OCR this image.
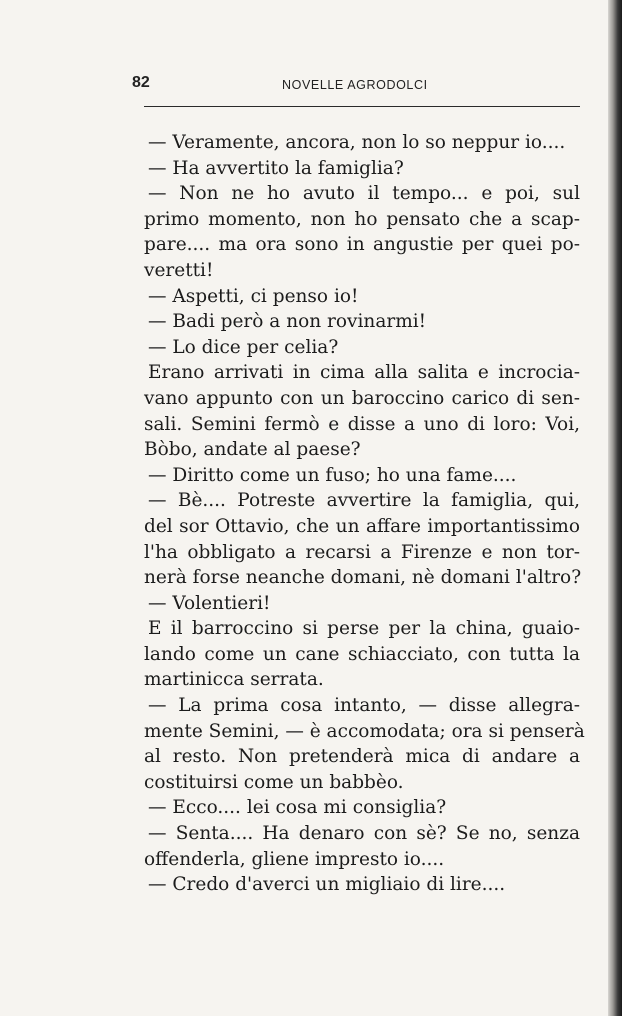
82	NOVELLE AGRODOLCI
— Veramente, ancora, non lo so neppur io....
— Ha avvertito la famiglia?
— Non ne ho avuto il tempo... e poi, sul
primo momento, non ho pensato che a scap-
pare.... ma ora sono in angustie per quei po-
veretti!
— Aspetti, ci penso io!
— Badi però a non rovinarmi!
— Lo dice per celia?
Erano arrivati in cima alla salita e incrocia-
vano appunto con un baroccino carico di sen-
sali. Semini fermò e disse a uno di loro: Voi,
Bòbo, andate al paese?
— Diritto come un fuso; ho una fame....
— Bè.... Potreste avvertire la famiglia, qui,
del sor Ottavio, che un affare importantissimo
l'ha obbligato a recarsi a Firenze e non tor-
nerà forse neanche domani, nè domani l'altro?
— Volentieri!
E il barroccino si perse per la china, guaio-
lando come un cane schiacciato, con tutta la
martinicca serrata.
— La prima cosa intanto, — disse allegra-
mente Semini, — è accomodata; ora si penserà
al resto. Non pretenderà mica di andare a
costituirsi come un babbèo.
— Ecco.... lei cosa mi consiglia?
— Senta.... Ha denaro con sè? Se no, senza
offenderla, gliene impresto io....
— Credo d'averci un migliaio di lire....
